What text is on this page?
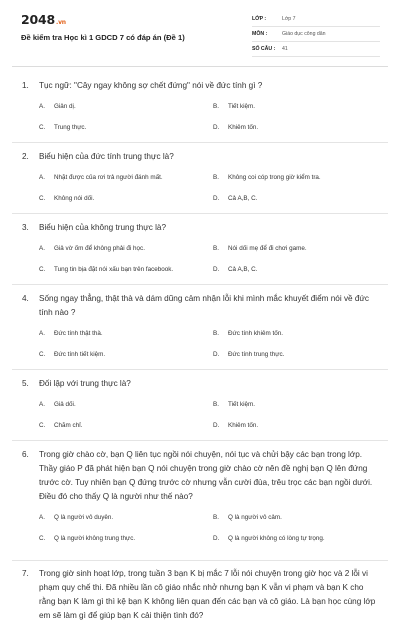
2048.vn
Đề kiểm tra Học kì 1 GDCD 7 có đáp án (Đề 1)
LỚP :	Lớp 7
MÔN :	Giáo dục công dân
SỐ CÂU :	41
1.	Tục ngữ: "Cây ngay không sợ chết đứng" nói về đức tính gì ?
A.	Giản dị.	B.	Tiết kiệm.
C.	Trung thực.	D.	Khiêm tốn.
2.	Biểu hiện của đức tính trung thực là?
A.	Nhặt được của rơi trả người đánh mất.	B.	Không coi cóp trong giờ kiểm tra.
C.	Không nói dối.	D.	Cả A,B, C.
3.	Biểu hiện của không trung thực là?
A.	Giả vờ ốm để không phải đi học.	B.	Nói dối mẹ để đi chơi game.
C.	Tung tin bịa đặt nói xấu bạn trên facebook.	D.	Cả A,B, C.
4.	Sống ngay thẳng, thật thà và dám dũng cảm nhận lỗi khi mình mắc khuyết điểm nói về đức tính nào ?
A.	Đức tính thật thà.	B.	Đức tính khiêm tốn.
C.	Đức tính tiết kiệm.	D.	Đức tính trung thực.
5.	Đối lập với trung thực là?
A.	Giả dối.	B.	Tiết kiệm.
C.	Chăm chỉ.	D.	Khiêm tốn.
6.	Trong giờ chào cờ, bạn Q liên tục ngồi nói chuyện, nói tục và chửi bậy các bạn trong lớp. Thầy giáo P đã phát hiện bạn Q nói chuyện trong giờ chào cờ nên đề nghị bạn Q lên đứng trước cờ. Tuy nhiên bạn Q đứng trước cờ nhưng vẫn cười đùa, trêu trọc các bạn ngồi dưới. Điều đó cho thấy Q là người như thế nào?
A.	Q là người vô duyên.	B.	Q là người vô cảm.
C.	Q là người không trung thực.	D.	Q là người không có lòng tự trọng.
7.	Trong giờ sinh hoạt lớp, trong tuần 3 bạn K bị mắc 7 lỗi nói chuyện trong giờ học và 2 lỗi vi phạm quy chế thi. Đã nhiều lần cô giáo nhắc nhở nhưng bạn K vẫn vi phạm và bạn K cho rằng bạn K làm gì thì kệ bạn K không liên quan đến các bạn và cô giáo. Là bạn học cùng lớp em sẽ làm gì để giúp bạn K cải thiện tình đó?
